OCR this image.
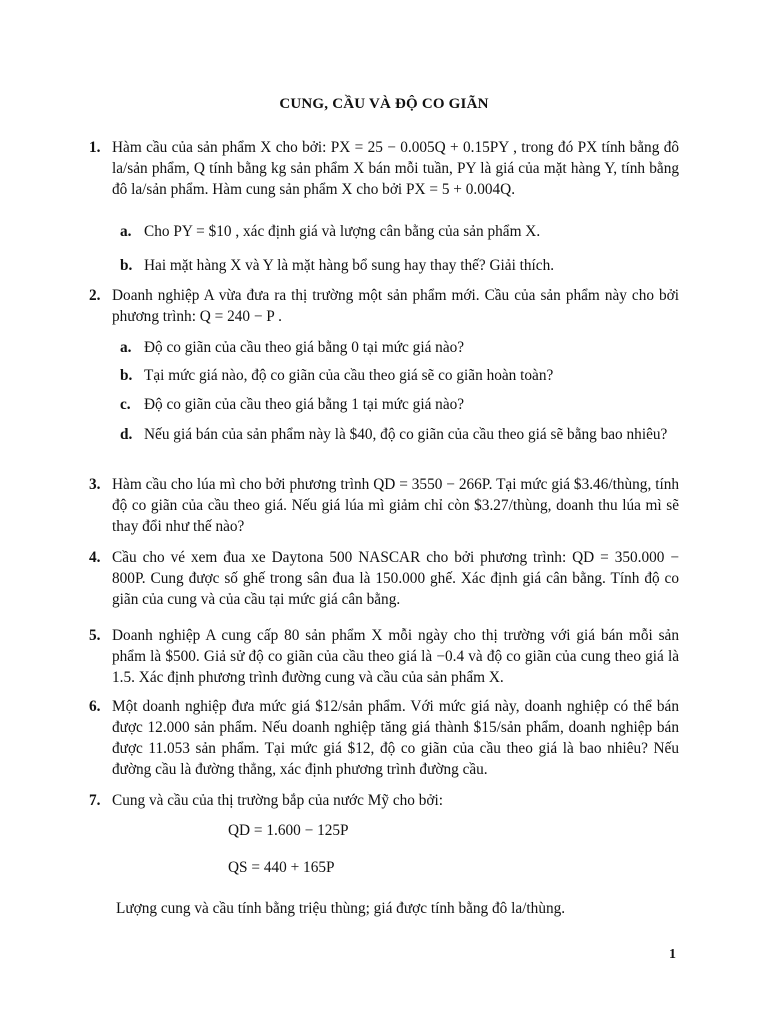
CUNG, CẦU VÀ ĐỘ CO GIÃN
1. Hàm cầu của sản phẩm X cho bởi: PX = 25 − 0.005Q + 0.15PY , trong đó PX tính bằng đô la/sản phẩm, Q tính bằng kg sản phẩm X bán mỗi tuần, PY là giá của mặt hàng Y, tính bằng đô la/sản phẩm. Hàm cung sản phẩm X cho bởi PX = 5 + 0.004Q.
a. Cho PY = $10 , xác định giá và lượng cân bằng của sản phẩm X.
b. Hai mặt hàng X và Y là mặt hàng bổ sung hay thay thế? Giải thích.
2. Doanh nghiệp A vừa đưa ra thị trường một sản phẩm mới. Cầu của sản phẩm này cho bởi phương trình: Q = 240 − P .
a. Độ co giãn của cầu theo giá bằng 0 tại mức giá nào?
b. Tại mức giá nào, độ co giãn của cầu theo giá sẽ co giãn hoàn toàn?
c. Độ co giãn của cầu theo giá bằng 1 tại mức giá nào?
d. Nếu giá bán của sản phẩm này là $40, độ co giãn của cầu theo giá sẽ bằng bao nhiêu?
3. Hàm cầu cho lúa mì cho bởi phương trình QD = 3550 − 266P. Tại mức giá $3.46/thùng, tính độ co giãn của cầu theo giá. Nếu giá lúa mì giảm chỉ còn $3.27/thùng, doanh thu lúa mì sẽ thay đổi như thế nào?
4. Cầu cho vé xem đua xe Daytona 500 NASCAR cho bởi phương trình: QD = 350.000 − 800P. Cung được số ghế trong sân đua là 150.000 ghế. Xác định giá cân bằng. Tính độ co giãn của cung và của cầu tại mức giá cân bằng.
5. Doanh nghiệp A cung cấp 80 sản phẩm X mỗi ngày cho thị trường với giá bán mỗi sản phẩm là $500. Giả sử độ co giãn của cầu theo giá là −0.4 và độ co giãn của cung theo giá là 1.5. Xác định phương trình đường cung và cầu của sản phẩm X.
6. Một doanh nghiệp đưa mức giá $12/sản phẩm. Với mức giá này, doanh nghiệp có thể bán được 12.000 sản phẩm. Nếu doanh nghiệp tăng giá thành $15/sản phẩm, doanh nghiệp bán được 11.053 sản phẩm. Tại mức giá $12, độ co giãn của cầu theo giá là bao nhiêu? Nếu đường cầu là đường thẳng, xác định phương trình đường cầu.
7. Cung và cầu của thị trường bắp của nước Mỹ cho bởi:
QD = 1.600 − 125P
QS = 440 + 165P
Lượng cung và cầu tính bằng triệu thùng; giá được tính bằng đô la/thùng.
1
